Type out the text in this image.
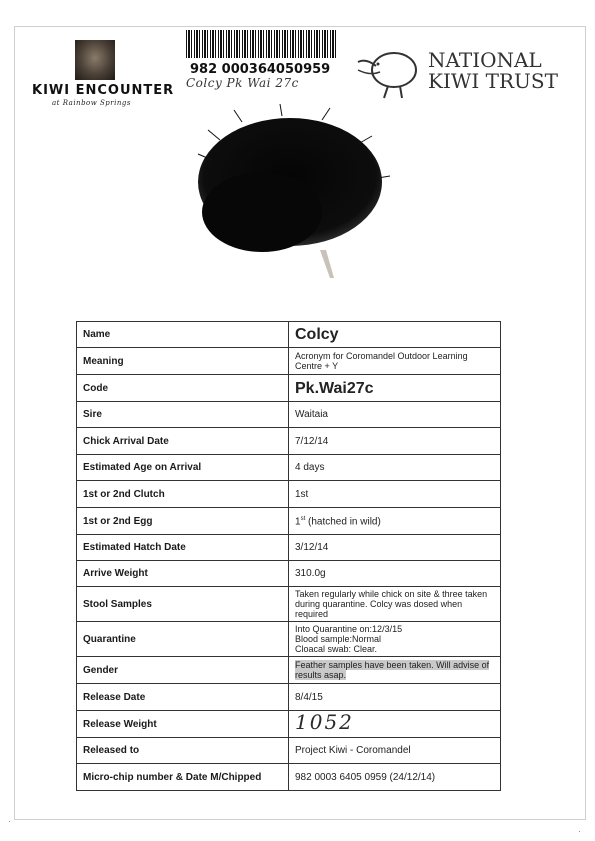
·
·
KIWI ENCOUNTER
at Rainbow Springs
982 000364050959
Colcy Pk Wai 27c
NATIONAL
KIWI TRUST
Name	Colcy
Meaning	Acronym for Coromandel Outdoor Learning Centre + Y
Code	Pk.Wai27c
Sire	Waitaia
Chick Arrival Date	7/12/14
Estimated Age on Arrival	4 days
1st or 2nd Clutch	1st
1st or 2nd Egg	1st (hatched in wild)
Estimated Hatch Date	3/12/14
Arrive Weight	310.0g
Stool Samples	Taken regularly while chick on site & three taken during quarantine. Colcy was dosed when required
Quarantine	Into Quarantine on:12/3/15
Blood sample:Normal
Cloacal swab: Clear.

Gender	Feather samples have been taken. Will advise of results asap.
Release Date	8/4/15
Release Weight	1052
Released to	Project Kiwi - Coromandel
Micro-chip number & Date M/Chipped	982 0003 6405 0959 (24/12/14)
